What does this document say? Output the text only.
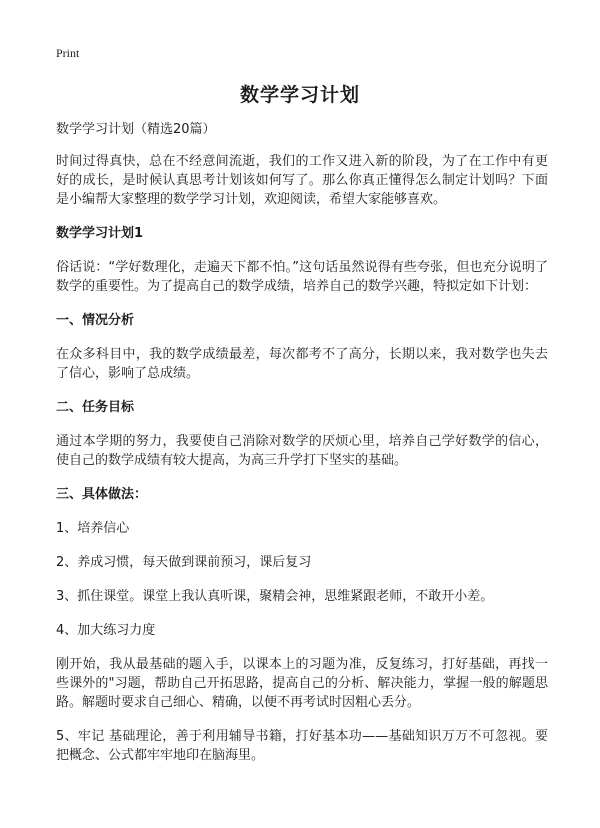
Print
数学学习计划

数学学习计划（精选20篇）

时间过得真快，总在不经意间流逝，我们的工作又进入新的阶段，为了在工作中有更好的成长，是时候认真思考计划该如何写了。那么你真正懂得怎么制定计划吗？下面是小编帮大家整理的数学学习计划，欢迎阅读，希望大家能够喜欢。

数学学习计划1

俗话说：“学好数理化，走遍天下都不怕。”这句话虽然说得有些夸张，但也充分说明了数学的重要性。为了提高自己的数学成绩，培养自己的数学兴趣，特拟定如下计划：

一、情况分析

在众多科目中，我的数学成绩最差，每次都考不了高分，长期以来，我对数学也失去了信心，影响了总成绩。

二、任务目标

通过本学期的努力，我要使自己消除对数学的厌烦心里，培养自己学好数学的信心，使自己的数学成绩有较大提高，为高三升学打下坚实的基础。

三、具体做法：

1、培养信心

2、养成习惯，每天做到课前预习，课后复习

3、抓住课堂。课堂上我认真听课，聚精会神，思维紧跟老师，不敢开小差。

4、加大练习力度

刚开始，我从最基础的题入手，以课本上的习题为准，反复练习，打好基础，再找一些课外的"习题，帮助自己开拓思路，提高自己的分析、解决能力，掌握一般的解题思路。解题时要求自己细心、精确，以便不再考试时因粗心丢分。

5、牢记 基础理论，善于利用辅导书籍，打好基本功——基础知识万万不可忽视。要把概念、公式都牢牢地印在脑海里。
